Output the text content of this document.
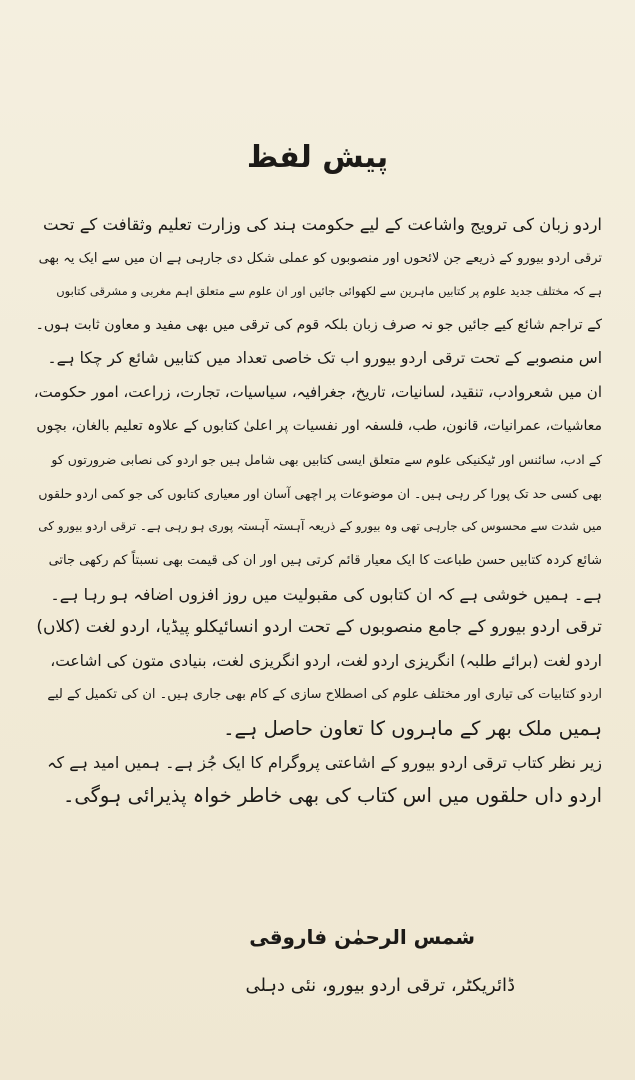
پیش لفظ
اردو زبان کی ترویج واشاعت کے لیے حکومت ہند کی وزارت تعلیم وثقافت کے تحت
ترقی اردو بیورو کے ذریعے جن لائحوں اور منصوبوں کو عملی شکل دی جارہی ہے ان میں سے ایک یہ بھی
ہے کہ مختلف جدید علوم پر کتابیں ماہرین سے لکھوائی جائیں اور ان علوم سے متعلق اہم مغربی و مشرقی کتابوں
کے تراجم شائع کیے جائیں جو نہ صرف زبان بلکہ قوم کی ترقی میں بھی مفید و معاون ثابت ہوں۔
اس منصوبے کے تحت ترقی اردو بیورو اب تک خاصی تعداد میں کتابیں شائع کر چکا ہے۔
ان میں شعروادب، تنقید، لسانیات، تاریخ، جغرافیہ، سیاسیات، تجارت، زراعت، امور حکومت،
معاشیات، عمرانیات، قانون، طب، فلسفہ اور نفسیات پر اعلیٰ کتابوں کے علاوہ تعلیم بالغان، بچوں
کے ادب، سائنس اور ٹیکنیکی علوم سے متعلق ایسی کتابیں بھی شامل ہیں جو اردو کی نصابی ضرورتوں کو
بھی کسی حد تک پورا کر رہی ہیں۔ ان موضوعات پر اچھی آسان اور معیاری کتابوں کی جو کمی اردو حلقوں
میں شدت سے محسوس کی جارہی تھی وہ بیورو کے ذریعہ آہستہ آہستہ پوری ہو رہی ہے۔ ترقی اردو بیورو کی
شائع کردہ کتابیں حسن طباعت کا ایک معیار قائم کرتی ہیں اور ان کی قیمت بھی نسبتاً کم رکھی جاتی
ہے۔ ہمیں خوشی ہے کہ ان کتابوں کی مقبولیت میں روز افزوں اضافہ ہو رہا ہے۔
ترقی اردو بیورو کے جامع منصوبوں کے تحت اردو انسائیکلو پیڈیا، اردو لغت (کلاں)
اردو لغت (برائے طلبہ) انگریزی اردو لغت، اردو انگریزی لغت، بنیادی متون کی اشاعت،
اردو کتابیات کی تیاری اور مختلف علوم کی اصطلاح سازی کے کام بھی جاری ہیں۔ ان کی تکمیل کے لیے
ہمیں ملک بھر کے ماہروں کا تعاون حاصل ہے۔
زیر نظر کتاب ترقی اردو بیورو کے اشاعتی پروگرام کا ایک جُز ہے۔ ہمیں امید ہے کہ
اردو داں حلقوں میں اس کتاب کی بھی خاطر خواہ پذیرائی ہوگی۔
شمس الرحمٰن فاروقی
ڈائریکٹر، ترقی اردو بیورو، نئی دہلی
